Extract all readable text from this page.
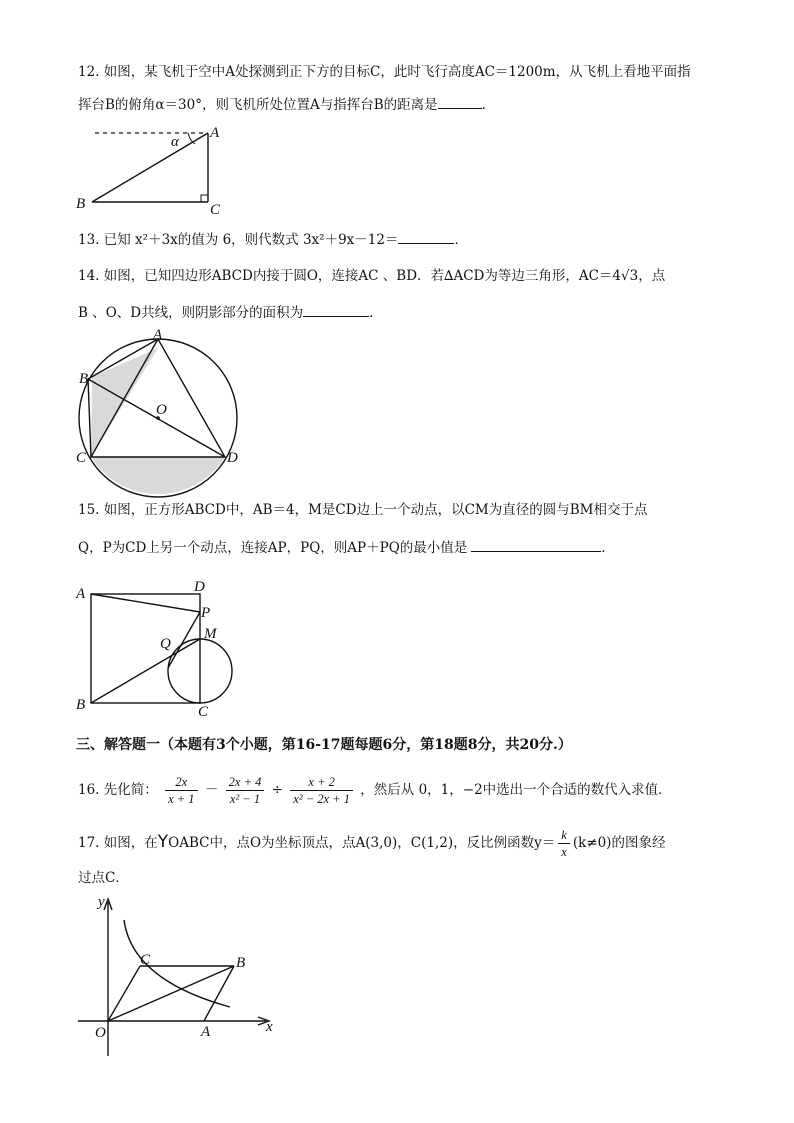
12. 如图，某飞机于空中A处探测到正下方的目标C，此时飞行高度AC＝1200m，从飞机上看地平面指
挥台B的俯角α＝30°，则飞机所处位置A与指挥台B的距离是	．
A
B	C
α
13. 已知 x²＋3x的值为 6，则代数式 3x²＋9x－12＝	．
14. 如图，已知四边形ABCD内接于圆O，连接AC 、BD．若∆ACD为等边三角形，AC＝4√3，点
B 、O、D共线，则阴影部分的面积为	．
A
B
C	D
O
15. 如图，正方形ABCD中，AB＝4，M是CD边上一个动点，以CM为直径的圆与BM相交于点
Q，P为CD上另一个动点，连接AP，PQ，则AP＋PQ的最小值是	．
A	D
P
Q
M
B	C
三、解答题一（本题有3个小题，第16-17题每题6分，第18题8分，共20分.）
16. 先化简： $\frac{2x}{x + 1} - \frac{2x + 4}{\text{x² − 1}} \div \frac{x + 2}{\text{x² − 2x + 1}}$ ，然后从 0，1，−2中选出一个合适的数代入求值．
17. 如图，在YOABC中，点O为坐标顶点，点A(3,0)，C(1,2)，反比例函数$y= \frac{k}{x} (k\ne 0)$的图象经
过点C．
O	A
B
C
x
y
